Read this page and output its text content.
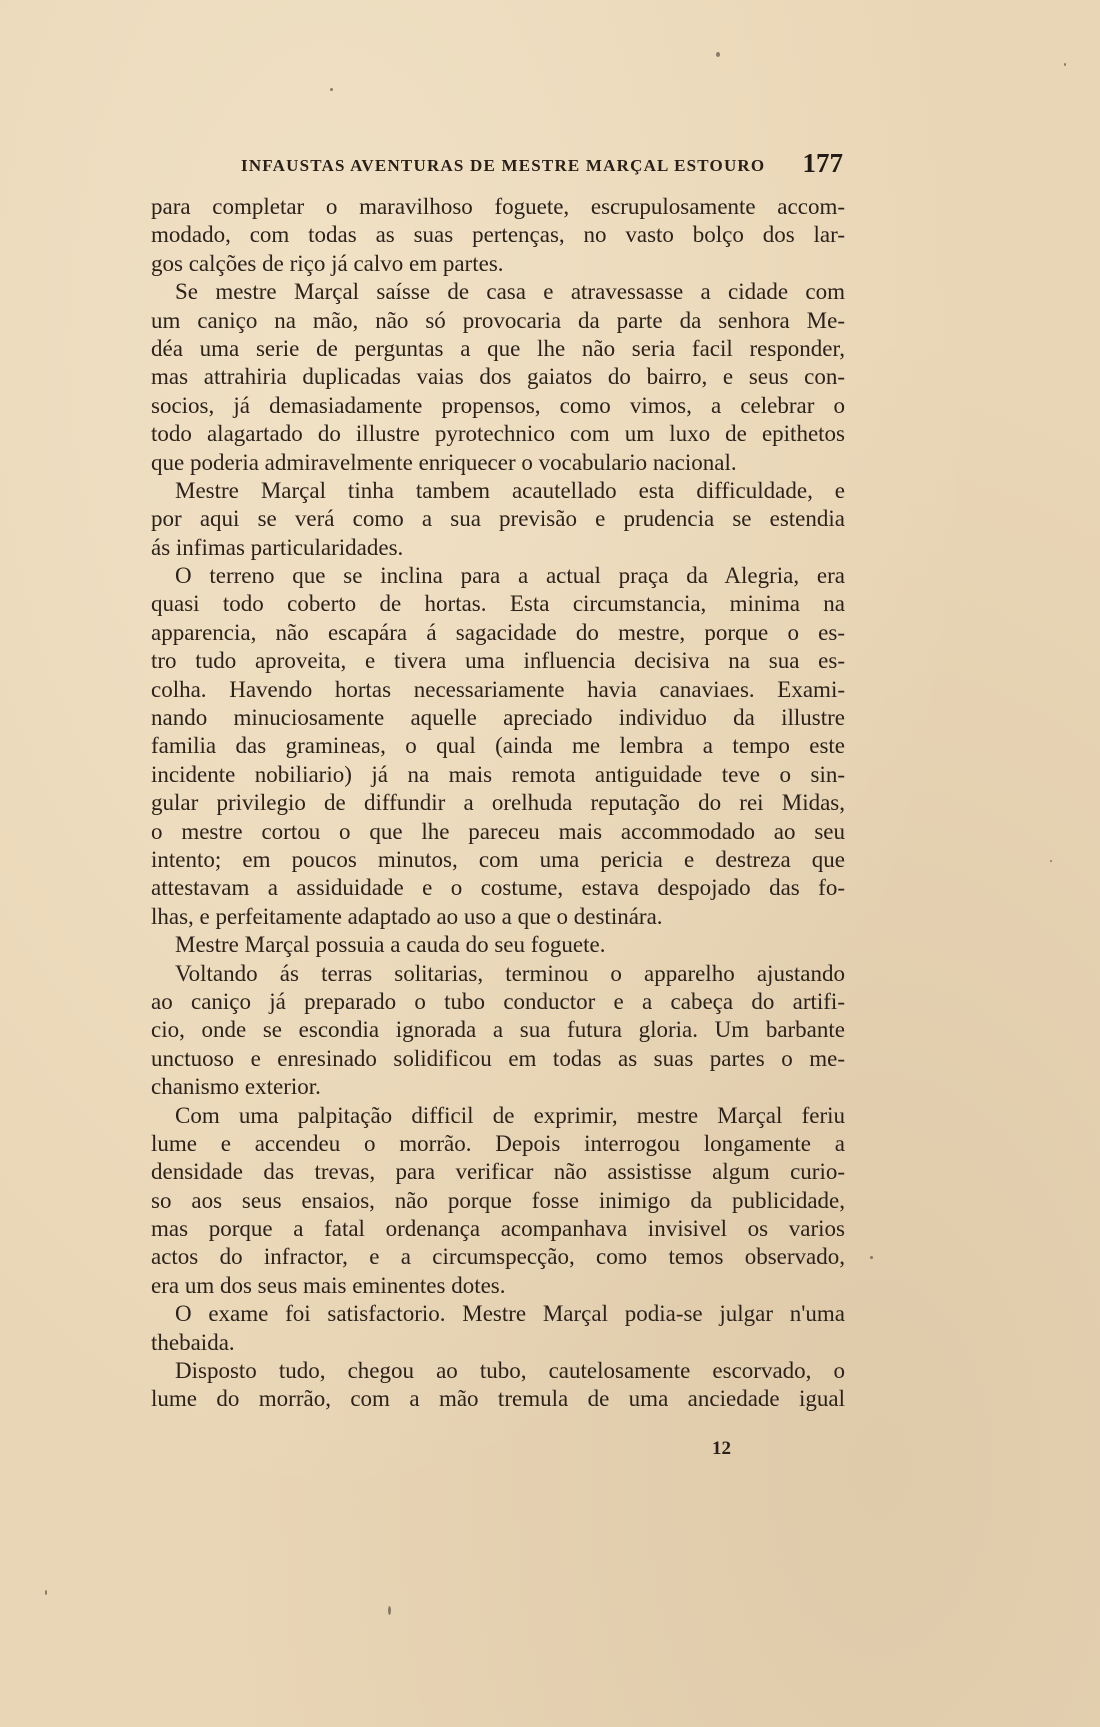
INFAUSTAS AVENTURAS DE MESTRE MARÇAL ESTOURO 177
para completar o maravilhoso foguete, escrupulosamente accom-
modado, com todas as suas pertenças, no vasto bolço dos lar-
gos calções de riço já calvo em partes.
Se mestre Marçal saísse de casa e atravessasse a cidade com
um caniço na mão, não só provocaria da parte da senhora Me-
déa uma serie de perguntas a que lhe não seria facil responder,
mas attrahiria duplicadas vaias dos gaiatos do bairro, e seus con-
socios, já demasiadamente propensos, como vimos, a celebrar o
todo alagartado do illustre pyrotechnico com um luxo de epithetos
que poderia admiravelmente enriquecer o vocabulario nacional.
Mestre Marçal tinha tambem acautellado esta difficuldade, e
por aqui se verá como a sua previsão e prudencia se estendia
ás infimas particularidades.
O terreno que se inclina para a actual praça da Alegria, era
quasi todo coberto de hortas. Esta circumstancia, minima na
apparencia, não escapára á sagacidade do mestre, porque o es-
tro tudo aproveita, e tivera uma influencia decisiva na sua es-
colha. Havendo hortas necessariamente havia canaviaes. Exami-
nando minuciosamente aquelle apreciado individuo da illustre
familia das gramineas, o qual (ainda me lembra a tempo este
incidente nobiliario) já na mais remota antiguidade teve o sin-
gular privilegio de diffundir a orelhuda reputação do rei Midas,
o mestre cortou o que lhe pareceu mais accommodado ao seu
intento; em poucos minutos, com uma pericia e destreza que
attestavam a assiduidade e o costume, estava despojado das fo-
lhas, e perfeitamente adaptado ao uso a que o destinára.
Mestre Marçal possuia a cauda do seu foguete.
Voltando ás terras solitarias, terminou o apparelho ajustando
ao caniço já preparado o tubo conductor e a cabeça do artifi-
cio, onde se escondia ignorada a sua futura gloria. Um barbante
unctuoso e enresinado solidificou em todas as suas partes o me-
chanismo exterior.
Com uma palpitação difficil de exprimir, mestre Marçal feriu
lume e accendeu o morrão. Depois interrogou longamente a
densidade das trevas, para verificar não assistisse algum curio-
so aos seus ensaios, não porque fosse inimigo da publicidade,
mas porque a fatal ordenança acompanhava invisivel os varios
actos do infractor, e a circumspecção, como temos observado,
era um dos seus mais eminentes dotes.
O exame foi satisfactorio. Mestre Marçal podia-se julgar n'uma
thebaida.
Disposto tudo, chegou ao tubo, cautelosamente escorvado, o
lume do morrão, com a mão tremula de uma anciedade igual
12
